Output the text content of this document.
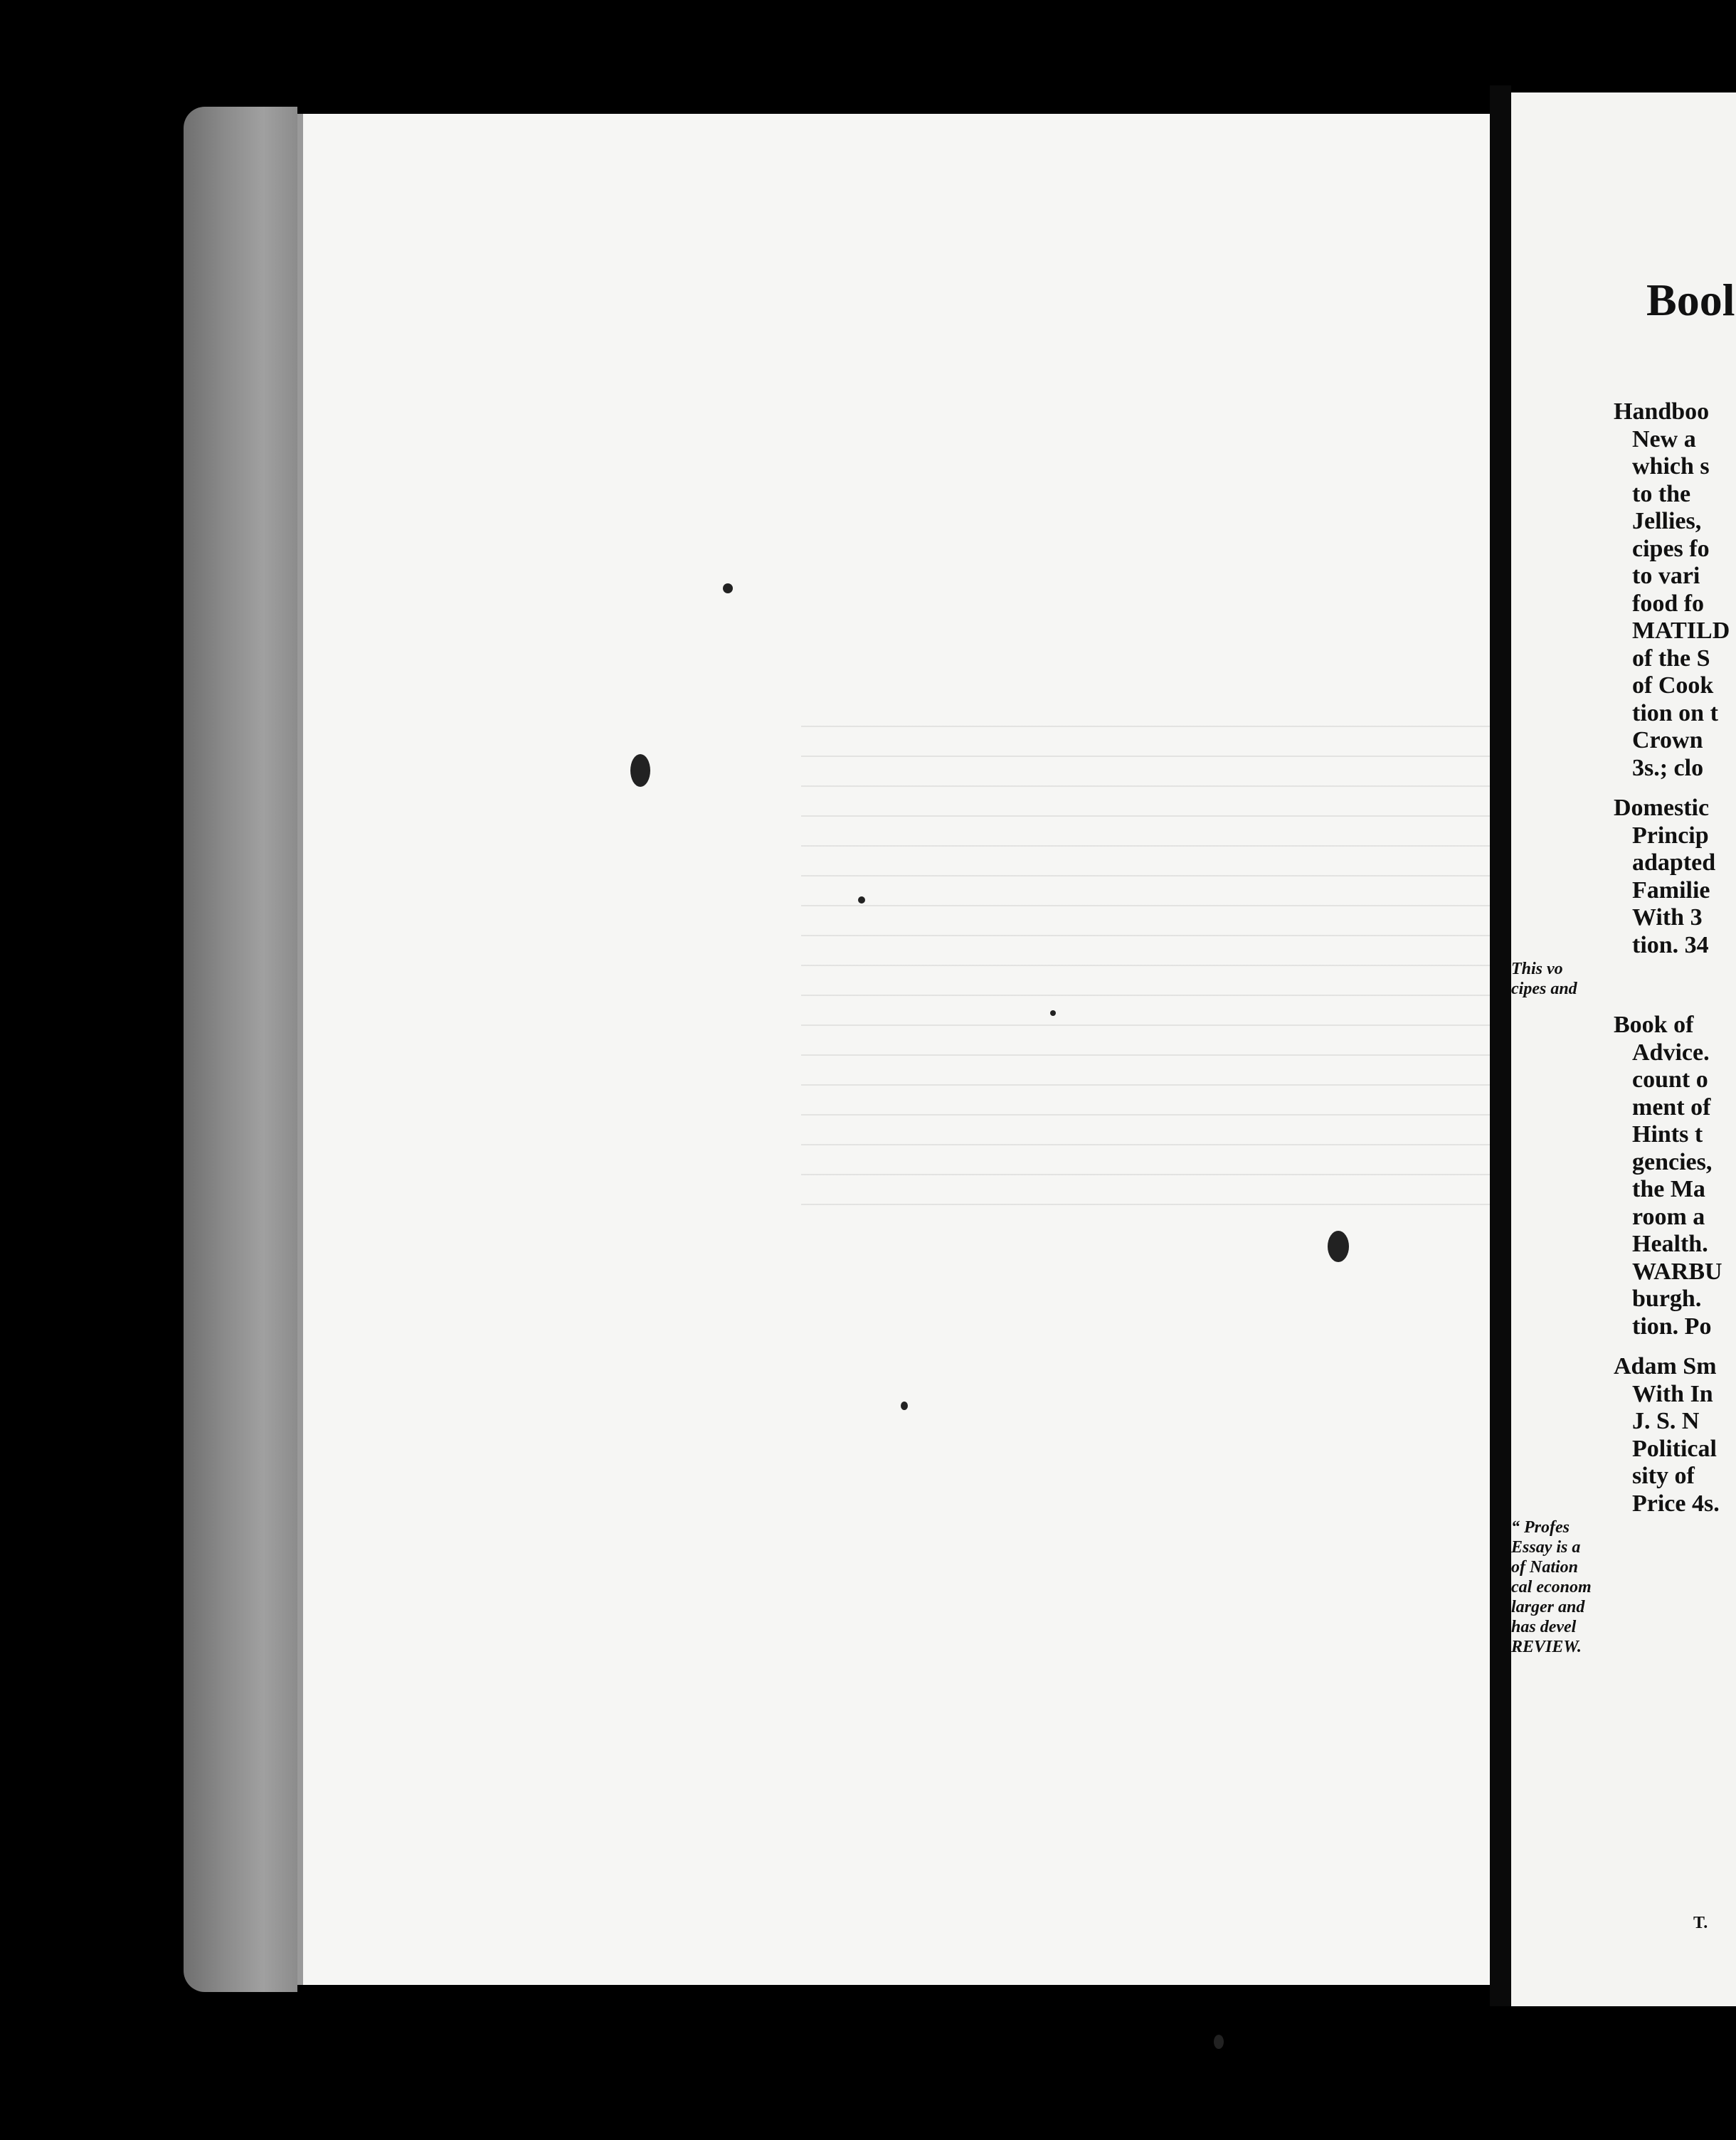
Bool
Handboo
New a
which s
to the
Jellies,
cipes fo
to vari
food fo
MATILD
of the S
of Cook
tion on t
Crown
3s.; clo
Domestic
Princip
adapted
Familie
With 3
tion. 34
This vo
cipes and
Book of
Advice.
count o
ment of
Hints t
gencies,
the Ma
room a
Health.
WARBU
burgh.
tion. Po
Adam Sm
With In
J. S. N
Political
sity of
Price 4s.
“ Profes
Essay is a
of Nation
cal econom
larger and
has devel
REVIEW.
T.
